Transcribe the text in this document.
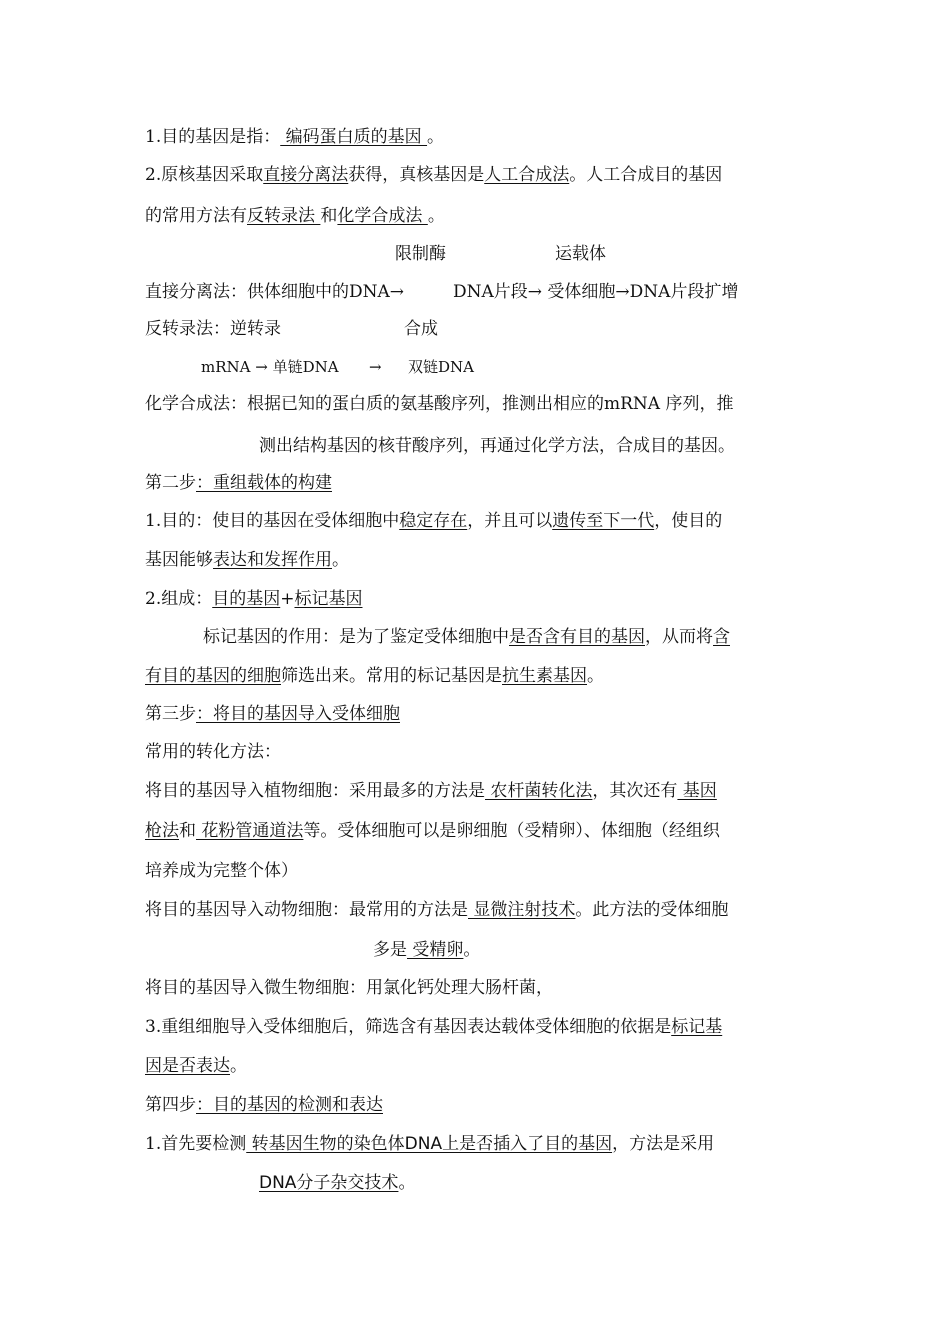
1.目的基因是指： 编码蛋白质的基因 。
2.原核基因采取直接分离法获得，真核基因是人工合成法。人工合成目的基因
的常用方法有反转录法 和化学合成法 。
限制酶	运载体
直接分离法：供体细胞中的DNA→	DNA片段→ 受体细胞→DNA片段扩增
反转录法：逆转录	合成
mRNA → 单链DNA → 双链DNA
化学合成法：根据已知的蛋白质的氨基酸序列，推测出相应的mRNA 序列，推
测出结构基因的核苷酸序列，再通过化学方法，合成目的基因。
第二步：重组载体的构建
1.目的：使目的基因在受体细胞中稳定存在，并且可以遗传至下一代，使目的
基因能够表达和发挥作用。
2.组成：目的基因+标记基因
标记基因的作用：是为了鉴定受体细胞中是否含有目的基因，从而将含
有目的基因的细胞筛选出来。常用的标记基因是抗生素基因。
第三步：将目的基因导入受体细胞
常用的转化方法：
将目的基因导入植物细胞：采用最多的方法是 农杆菌转化法，其次还有 基因
枪法和 花粉管通道法等。受体细胞可以是卵细胞（受精卵）、体细胞（经组织
培养成为完整个体）
将目的基因导入动物细胞：最常用的方法是 显微注射技术。此方法的受体细胞
多是 受精卵。
将目的基因导入微生物细胞：用氯化钙处理大肠杆菌，
3.重组细胞导入受体细胞后，筛选含有基因表达载体受体细胞的依据是标记基
因是否表达。
第四步：目的基因的检测和表达
1.首先要检测 转基因生物的染色体DNA上是否插入了目的基因，方法是采用
DNA分子杂交技术。
